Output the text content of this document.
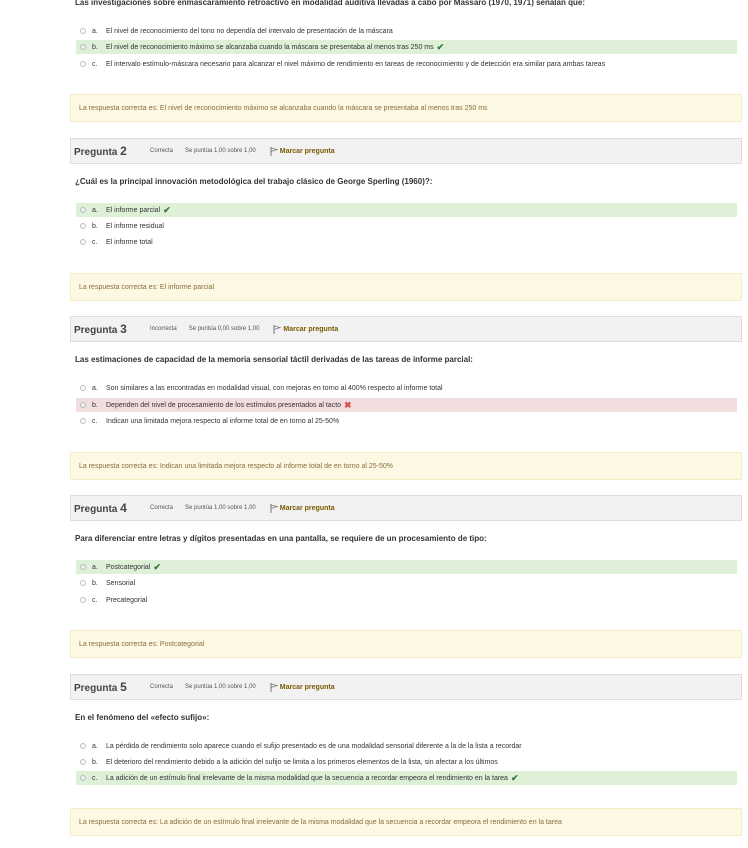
Las investigaciones sobre enmascaramiento retroactivo en modalidad auditiva llevadas a cabo por Massaro (1970, 1971) señalan que:
a.	El nivel de reconocimiento del tono no dependía del intervalo de presentación de la máscara
b.	El nivel de reconocimiento máximo se alcanzaba cuando la máscara se presentaba al menos tras 250 ms ✔
c.	El intervalo estímulo-máscara necesario para alcanzar el nivel máximo de rendimiento en tareas de reconocimiento y de detección era similar para ambas tareas
La respuesta correcta es: El nivel de reconocimiento máximo se alcanzaba cuando la máscara se presentaba al menos tras 250 ms
Pregunta 2	Correcta Se puntúa 1,00 sobre 1,00	Marcar pregunta
¿Cuál es la principal innovación metodológica del trabajo clásico de George Sperling (1960)?:
a.	El informe parcial ✔
b.	El informe residual
c.	El informe total
La respuesta correcta es: El informe parcial
Pregunta 3	Incorrecta Se puntúa 0,00 sobre 1,00	Marcar pregunta
Las estimaciones de capacidad de la memoria sensorial táctil derivadas de las tareas de informe parcial:
a.	Son similares a las encontradas en modalidad visual, con mejoras en torno al 400% respecto al informe total
b.	Dependen del nivel de procesamiento de los estímulos presentados al tacto ✖
c.	Indican una limitada mejora respecto al informe total de en torno al 25-50%
La respuesta correcta es: Indican una limitada mejora respecto al informe total de en torno al 25-50%
Pregunta 4	Correcta Se puntúa 1,00 sobre 1,00	Marcar pregunta
Para diferenciar entre letras y dígitos presentadas en una pantalla, se requiere de un procesamiento de tipo:
a.	Postcategorial ✔
b.	Sensorial
c.	Precategorial
La respuesta correcta es: Postcategorial
Pregunta 5	Correcta Se puntúa 1,00 sobre 1,00	Marcar pregunta
En el fenómeno del «efecto sufijo»:
a.	La pérdida de rendimiento solo aparece cuando el sufijo presentado es de una modalidad sensorial diferente a la de la lista a recordar
b.	El deterioro del rendimiento debido a la adición del sufijo se limita a los primeros elementos de la lista, sin afectar a los últimos
c.	La adición de un estímulo final irrelevante de la misma modalidad que la secuencia a recordar empeora el rendimiento en la tarea ✔
La respuesta correcta es: La adición de un estímulo final irrelevante de la misma modalidad que la secuencia a recordar empeora el rendimiento en la tarea
